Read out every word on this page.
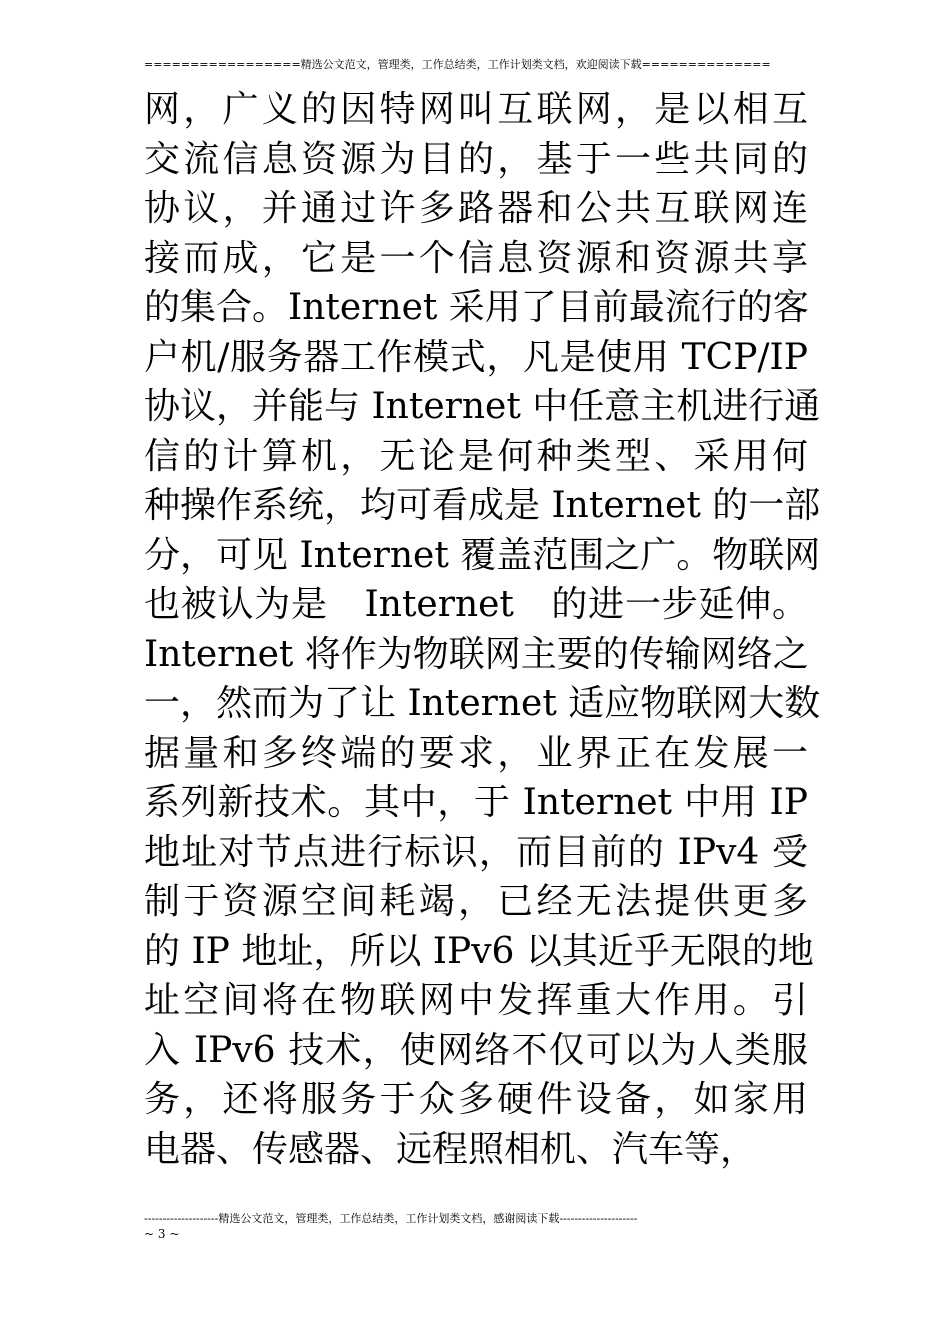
=================精选公文范文，管理类，工作总结类，工作计划类文档，欢迎阅读下载==============
网，广义的因特网叫互联网，是以相互
交流信息资源为目的，基于一些共同的
协议，并通过许多路器和公共互联网连
接而成，它是一个信息资源和资源共享
的集合。Internet 采用了目前最流行的客
户机/服务器工作模式，凡是使用 TCP/IP
协议，并能与 Internet 中任意主机进行通
信的计算机，无论是何种类型、采用何
种操作系统，均可看成是 Internet 的一部
分，可见 Internet 覆盖范围之广。物联网
也被认为是　Internet　的进一步延伸。
Internet 将作为物联网主要的传输网络之
一，然而为了让 Internet 适应物联网大数
据量和多终端的要求，业界正在发展一
系列新技术。其中，于 Internet 中用 IP
地址对节点进行标识，而目前的 IPv4 受
制于资源空间耗竭，已经无法提供更多
的 IP 地址，所以 IPv6 以其近乎无限的地
址空间将在物联网中发挥重大作用。引
入 IPv6 技术，使网络不仅可以为人类服
务，还将服务于众多硬件设备，如家用
电器、传感器、远程照相机、汽车等，
--------------------精选公文范文，管理类，工作总结类，工作计划类文档，感谢阅读下载---------------------
~ 3 ~
